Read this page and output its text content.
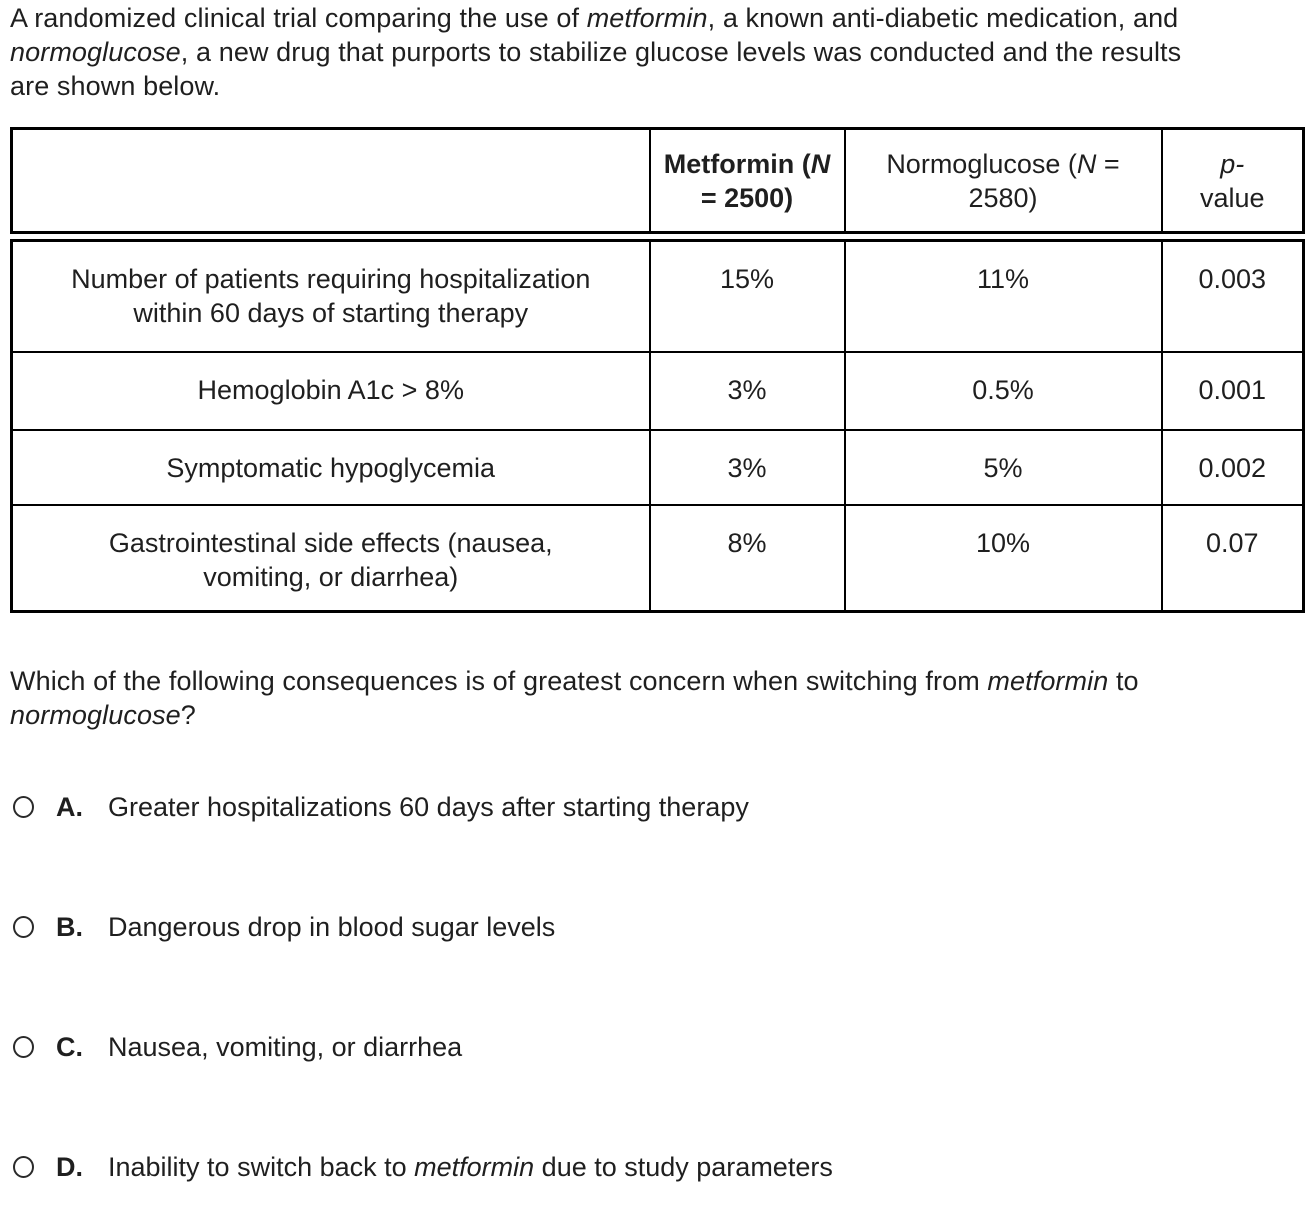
A randomized clinical trial comparing the use of metformin, a known anti-diabetic medication, and
normoglucose, a new drug that purports to stabilize glucose levels was conducted and the results
are shown below.

	Metformin (N = 2500)	Normoglucose (N = 2580)	p-
value
Number of patients requiring hospitalization
within 60 days of starting therapy	15%	11%	0.003
Hemoglobin A1c > 8%	3%	0.5%	0.001
Symptomatic hypoglycemia	3%	5%	0.002
Gastrointestinal side effects (nausea,
vomiting, or diarrhea)	8%	10%	0.07

Which of the following consequences is of greatest concern when switching from metformin to
normoglucose?

A. Greater hospitalizations 60 days after starting therapy
B. Dangerous drop in blood sugar levels
C. Nausea, vomiting, or diarrhea
D. Inability to switch back to metformin due to study parameters
